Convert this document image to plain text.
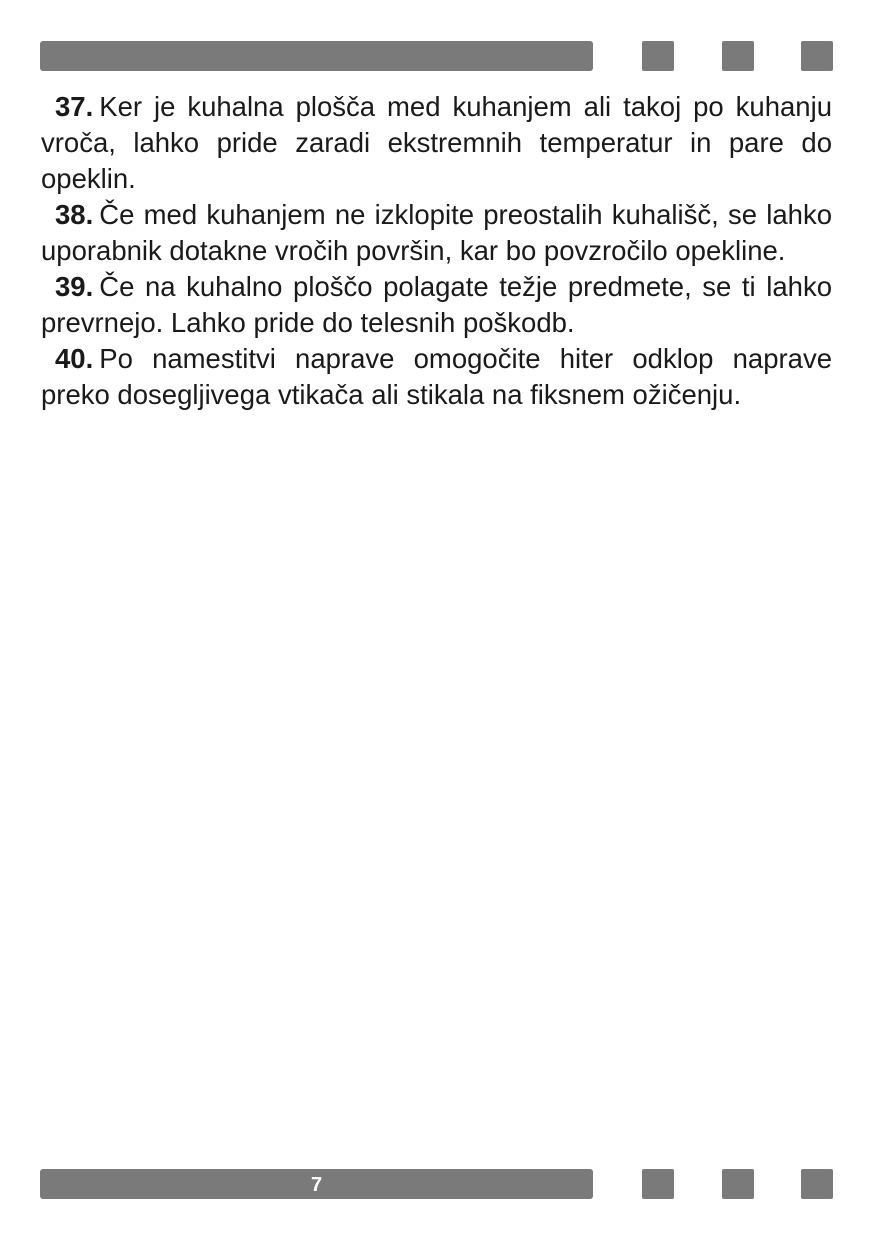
37. Ker je kuhalna plošča med kuhanjem ali takoj po kuhanju vroča, lahko pride zaradi ekstremnih temperatur in pare do opeklin.

38. Če med kuhanjem ne izklopite preostalih kuhališč, se lahko uporabnik dotakne vročih površin, kar bo povzročilo opekline.

39. Če na kuhalno ploščo polagate težje predmete, se ti lahko prevrnejo. Lahko pride do telesnih poškodb.

40. Po namestitvi naprave omogočite hiter odklop naprave preko dosegljivega vtikača ali stikala na fiksnem ožičenju.

7
